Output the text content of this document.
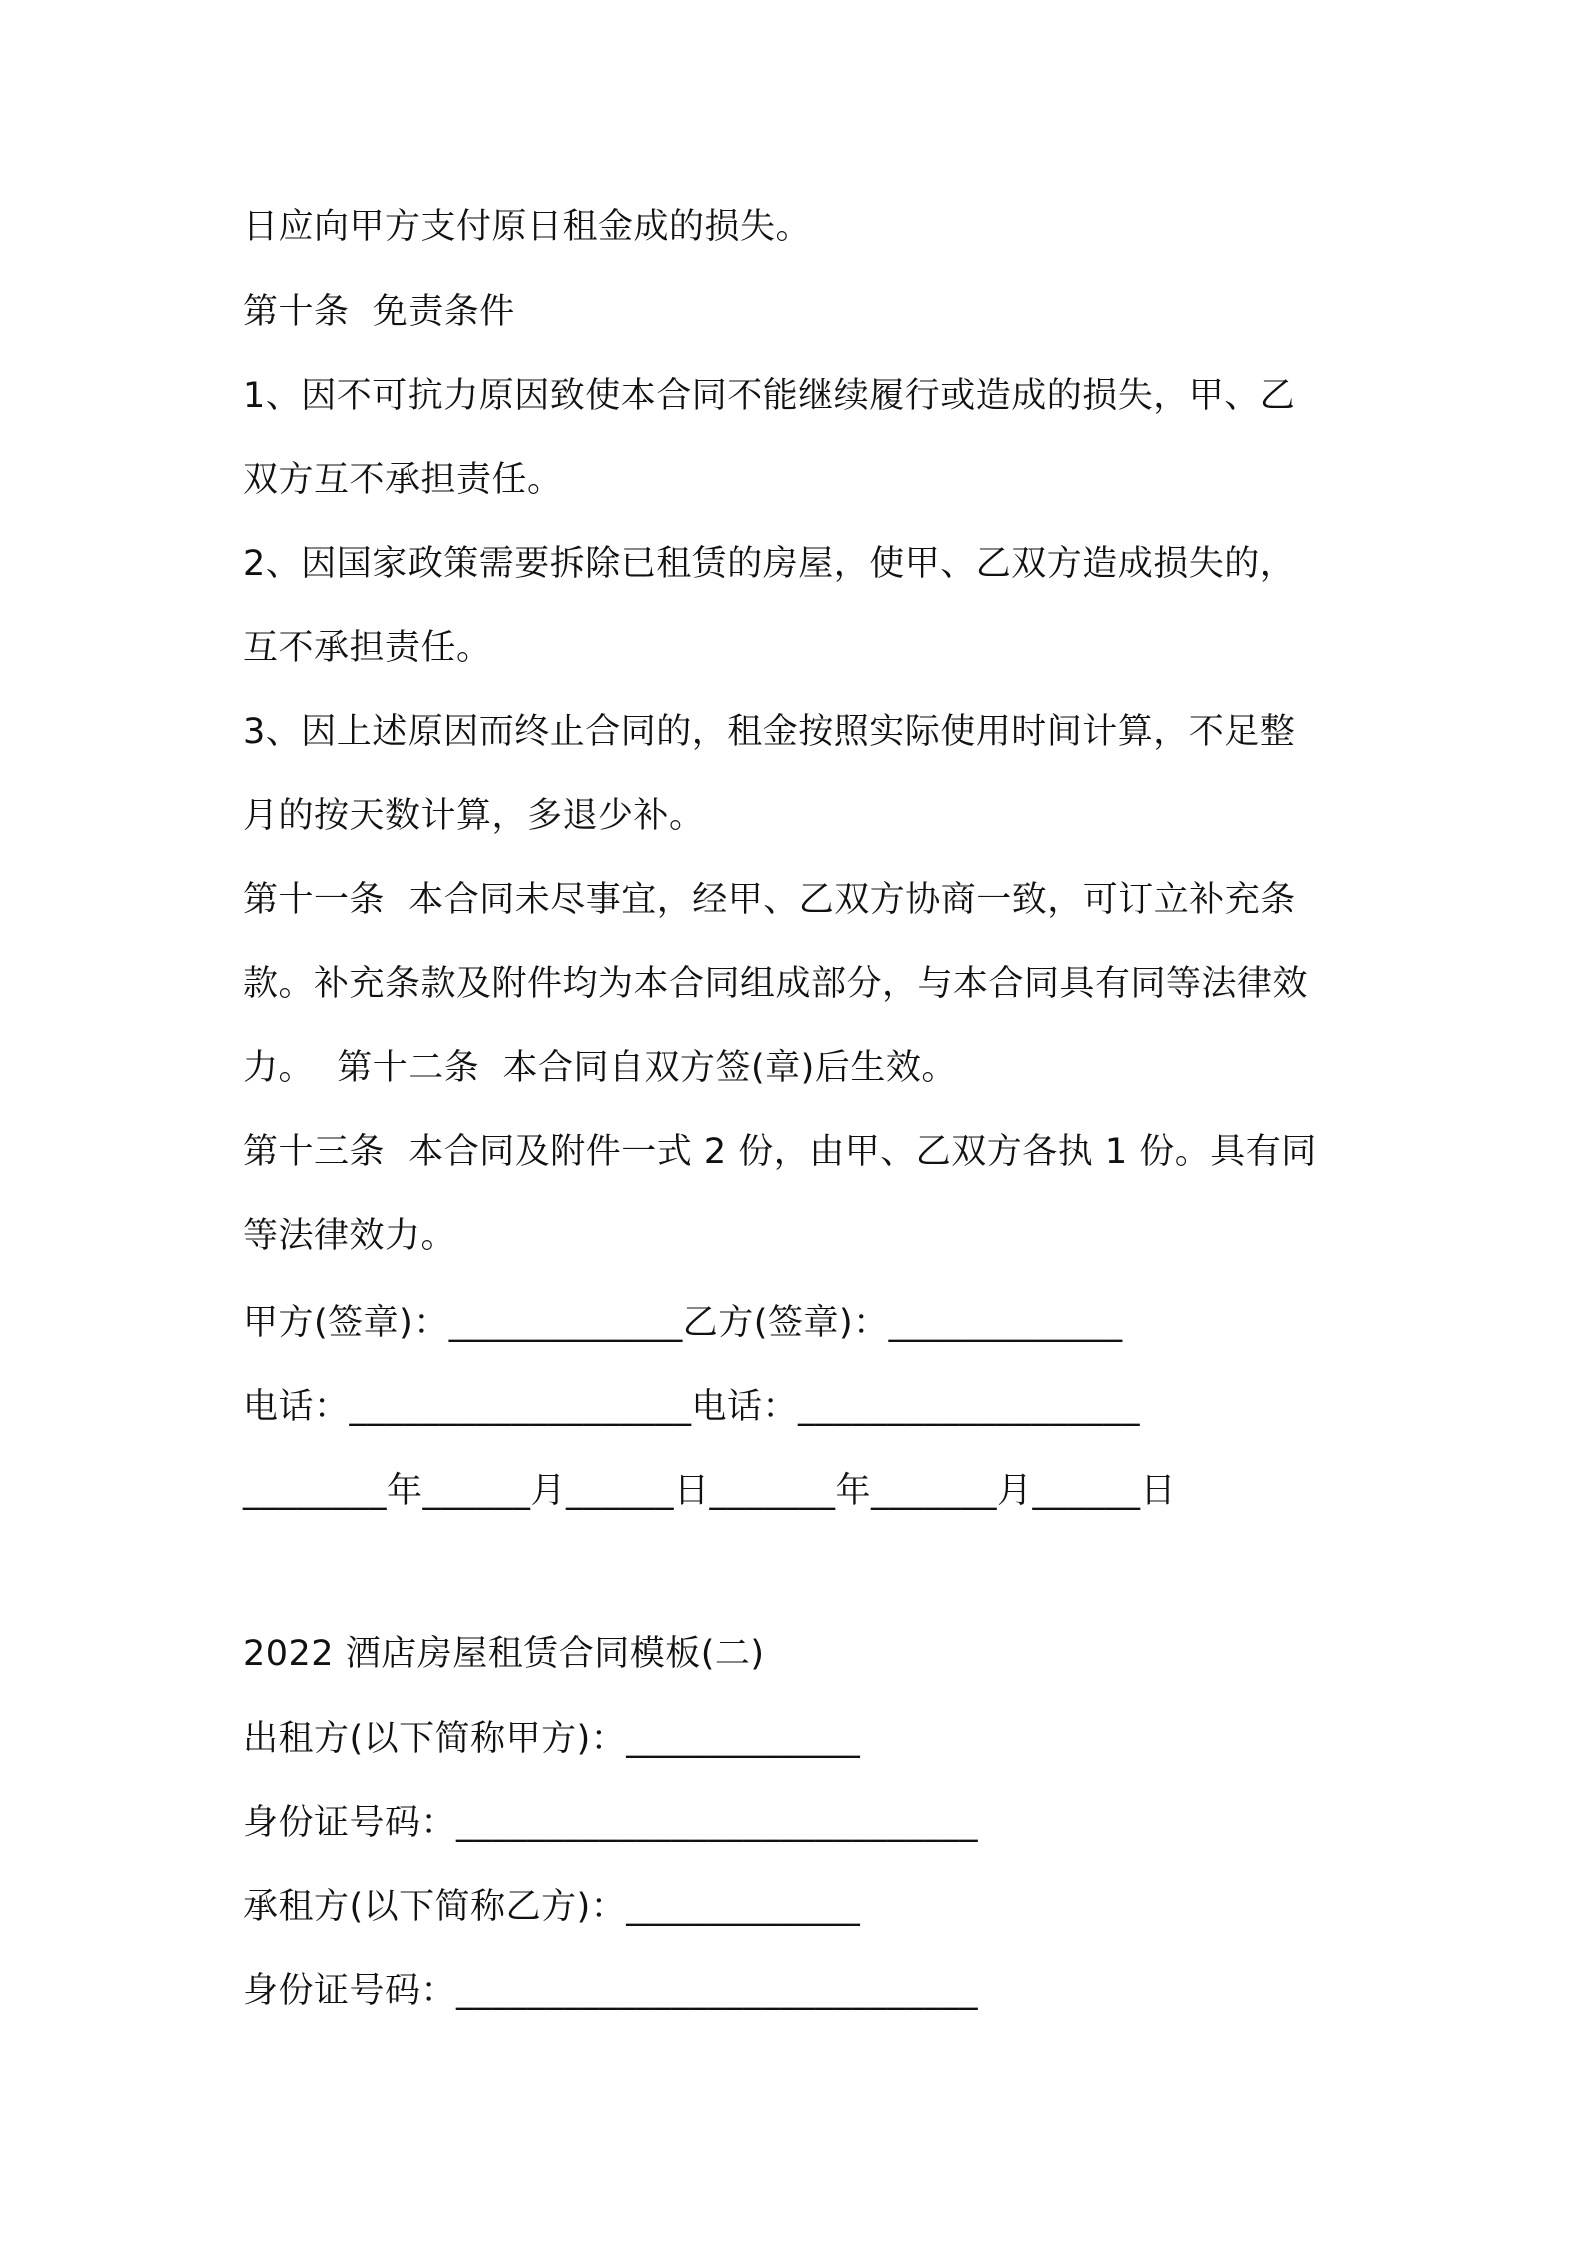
日应向甲方支付原日租金成的损失。
第十条  免责条件
1、因不可抗力原因致使本合同不能继续履行或造成的损失，甲、乙
双方互不承担责任。
2、因国家政策需要拆除已租赁的房屋，使甲、乙双方造成损失的，
互不承担责任。
3、因上述原因而终止合同的，租金按照实际使用时间计算，不足整
月的按天数计算，多退少补。
第十一条  本合同未尽事宜，经甲、乙双方协商一致，可订立补充条
款。补充条款及附件均为本合同组成部分，与本合同具有同等法律效
力。  第十二条  本合同自双方签(章)后生效。
第十三条  本合同及附件一式 2 份，由甲、乙双方各执 1 份。具有同
等法律效力。
甲方(签章)：_____________乙方(签章)：_____________
电话：___________________电话：___________________
________年______月______日_______年_______月______日
2022 酒店房屋租赁合同模板(二)
出租方(以下简称甲方)：_____________
身份证号码：_____________________________
承租方(以下简称乙方)：_____________
身份证号码：_____________________________
